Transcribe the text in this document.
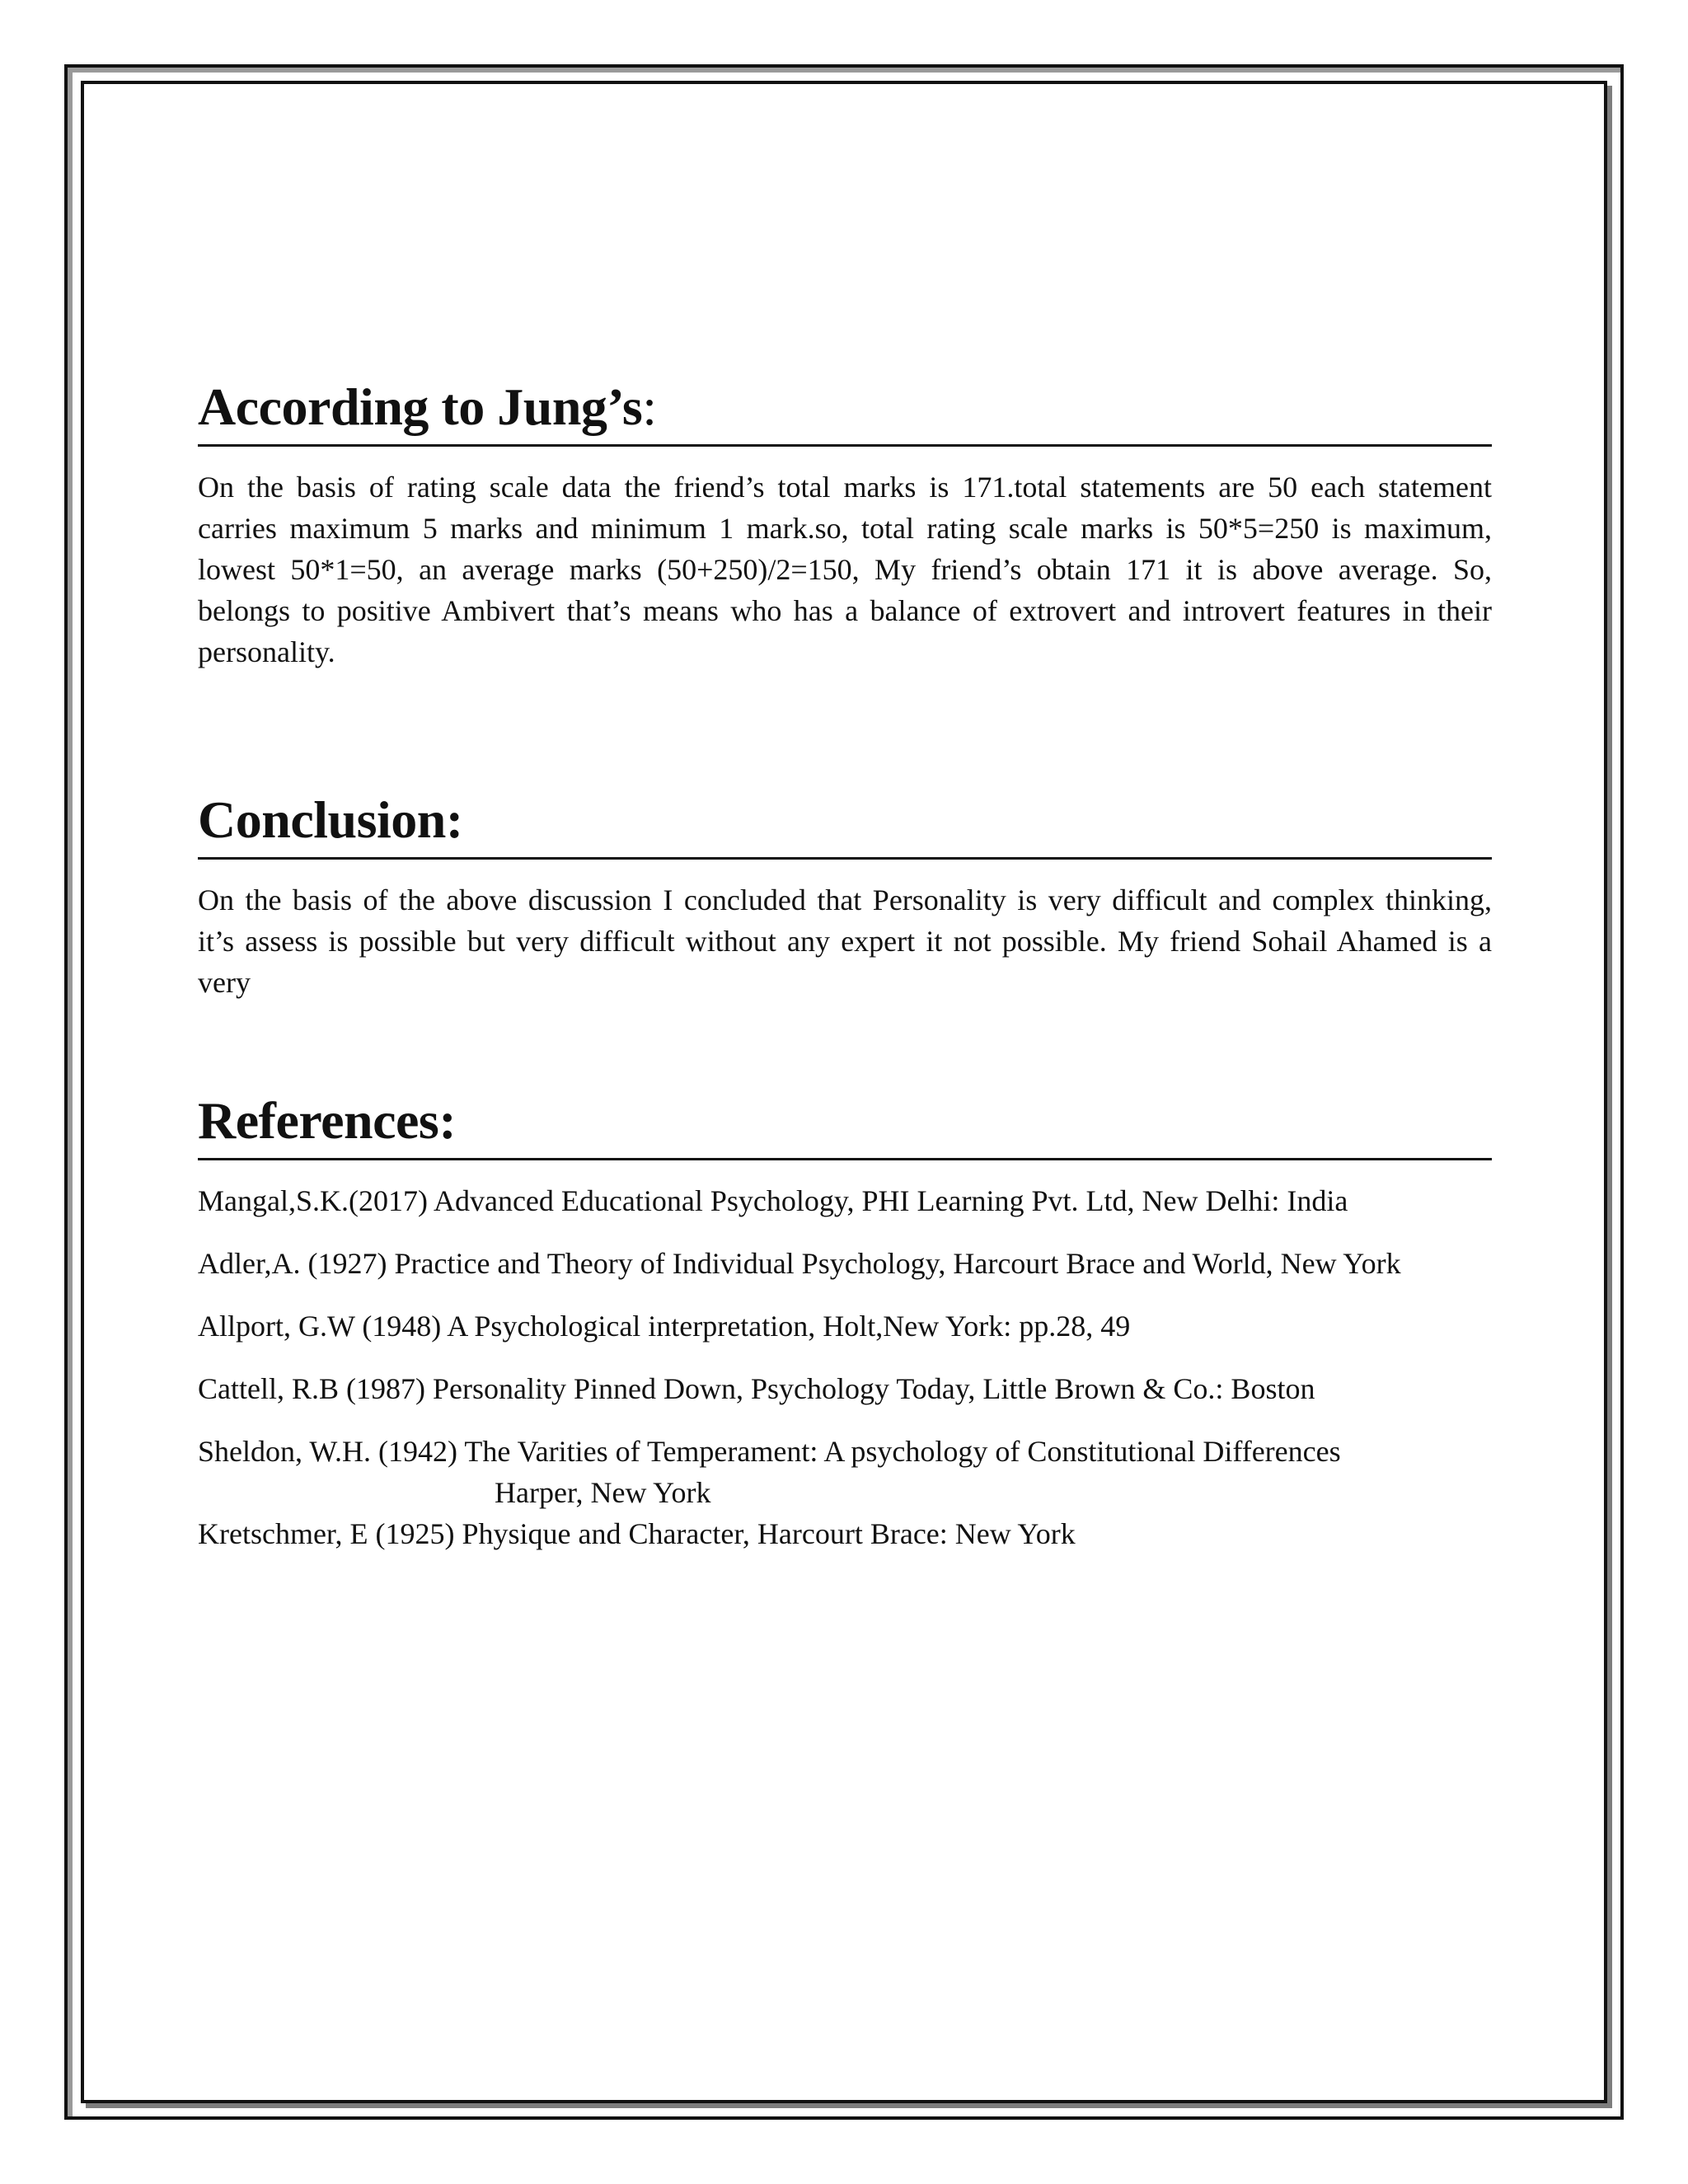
According to Jung’s:

On the basis of rating scale data the friend’s total marks is 171.total statements are 50 each statement carries maximum 5 marks and minimum 1 mark.so, total rating scale marks is 50*5=250 is maximum, lowest 50*1=50, an average marks (50+250)/2=150, My friend’s obtain 171 it is above average. So, belongs to positive Ambivert that’s means who has a balance of extrovert and introvert features in their personality.

Conclusion:

On the basis of the above discussion I concluded that Personality is very difficult and complex thinking, it’s assess is possible but very difficult without any expert it not possible. My friend Sohail Ahamed is a very

References:
Mangal,S.K.(2017) Advanced Educational Psychology, PHI Learning Pvt. Ltd, New Delhi: India
Adler,A. (1927) Practice and Theory of Individual Psychology, Harcourt Brace and World, New York
Allport, G.W (1948) A Psychological interpretation, Holt,New York: pp.28, 49
Cattell, R.B (1987) Personality Pinned Down, Psychology Today, Little Brown & Co.: Boston
Sheldon, W.H. (1942) The Varities of Temperament: A psychology of Constitutional Differences
Harper, New York
Kretschmer, E (1925) Physique and Character, Harcourt Brace: New York
